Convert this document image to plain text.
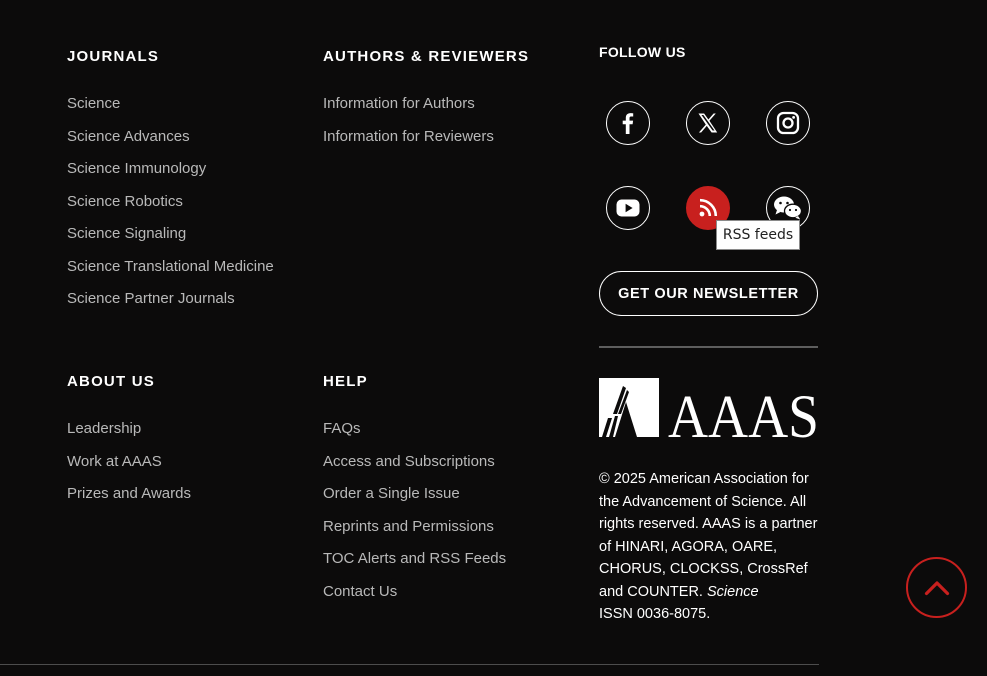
JOURNALS
Science
Science Advances
Science Immunology
Science Robotics
Science Signaling
Science Translational Medicine
Science Partner Journals
AUTHORS & REVIEWERS
Information for Authors
Information for Reviewers
ABOUT US
Leadership
Work at AAAS
Prizes and Awards
HELP
FAQs
Access and Subscriptions
Order a Single Issue
Reprints and Permissions
TOC Alerts and RSS Feeds
Contact Us
FOLLOW US
RSS feeds
GET OUR NEWSLETTER
AAAS

© 2025 American Association for the Advancement of Science. All rights reserved. AAAS is a partner of HINARI, AGORA, OARE, CHORUS, CLOCKSS, CrossRef and COUNTER. Science
ISSN 0036-8075.
